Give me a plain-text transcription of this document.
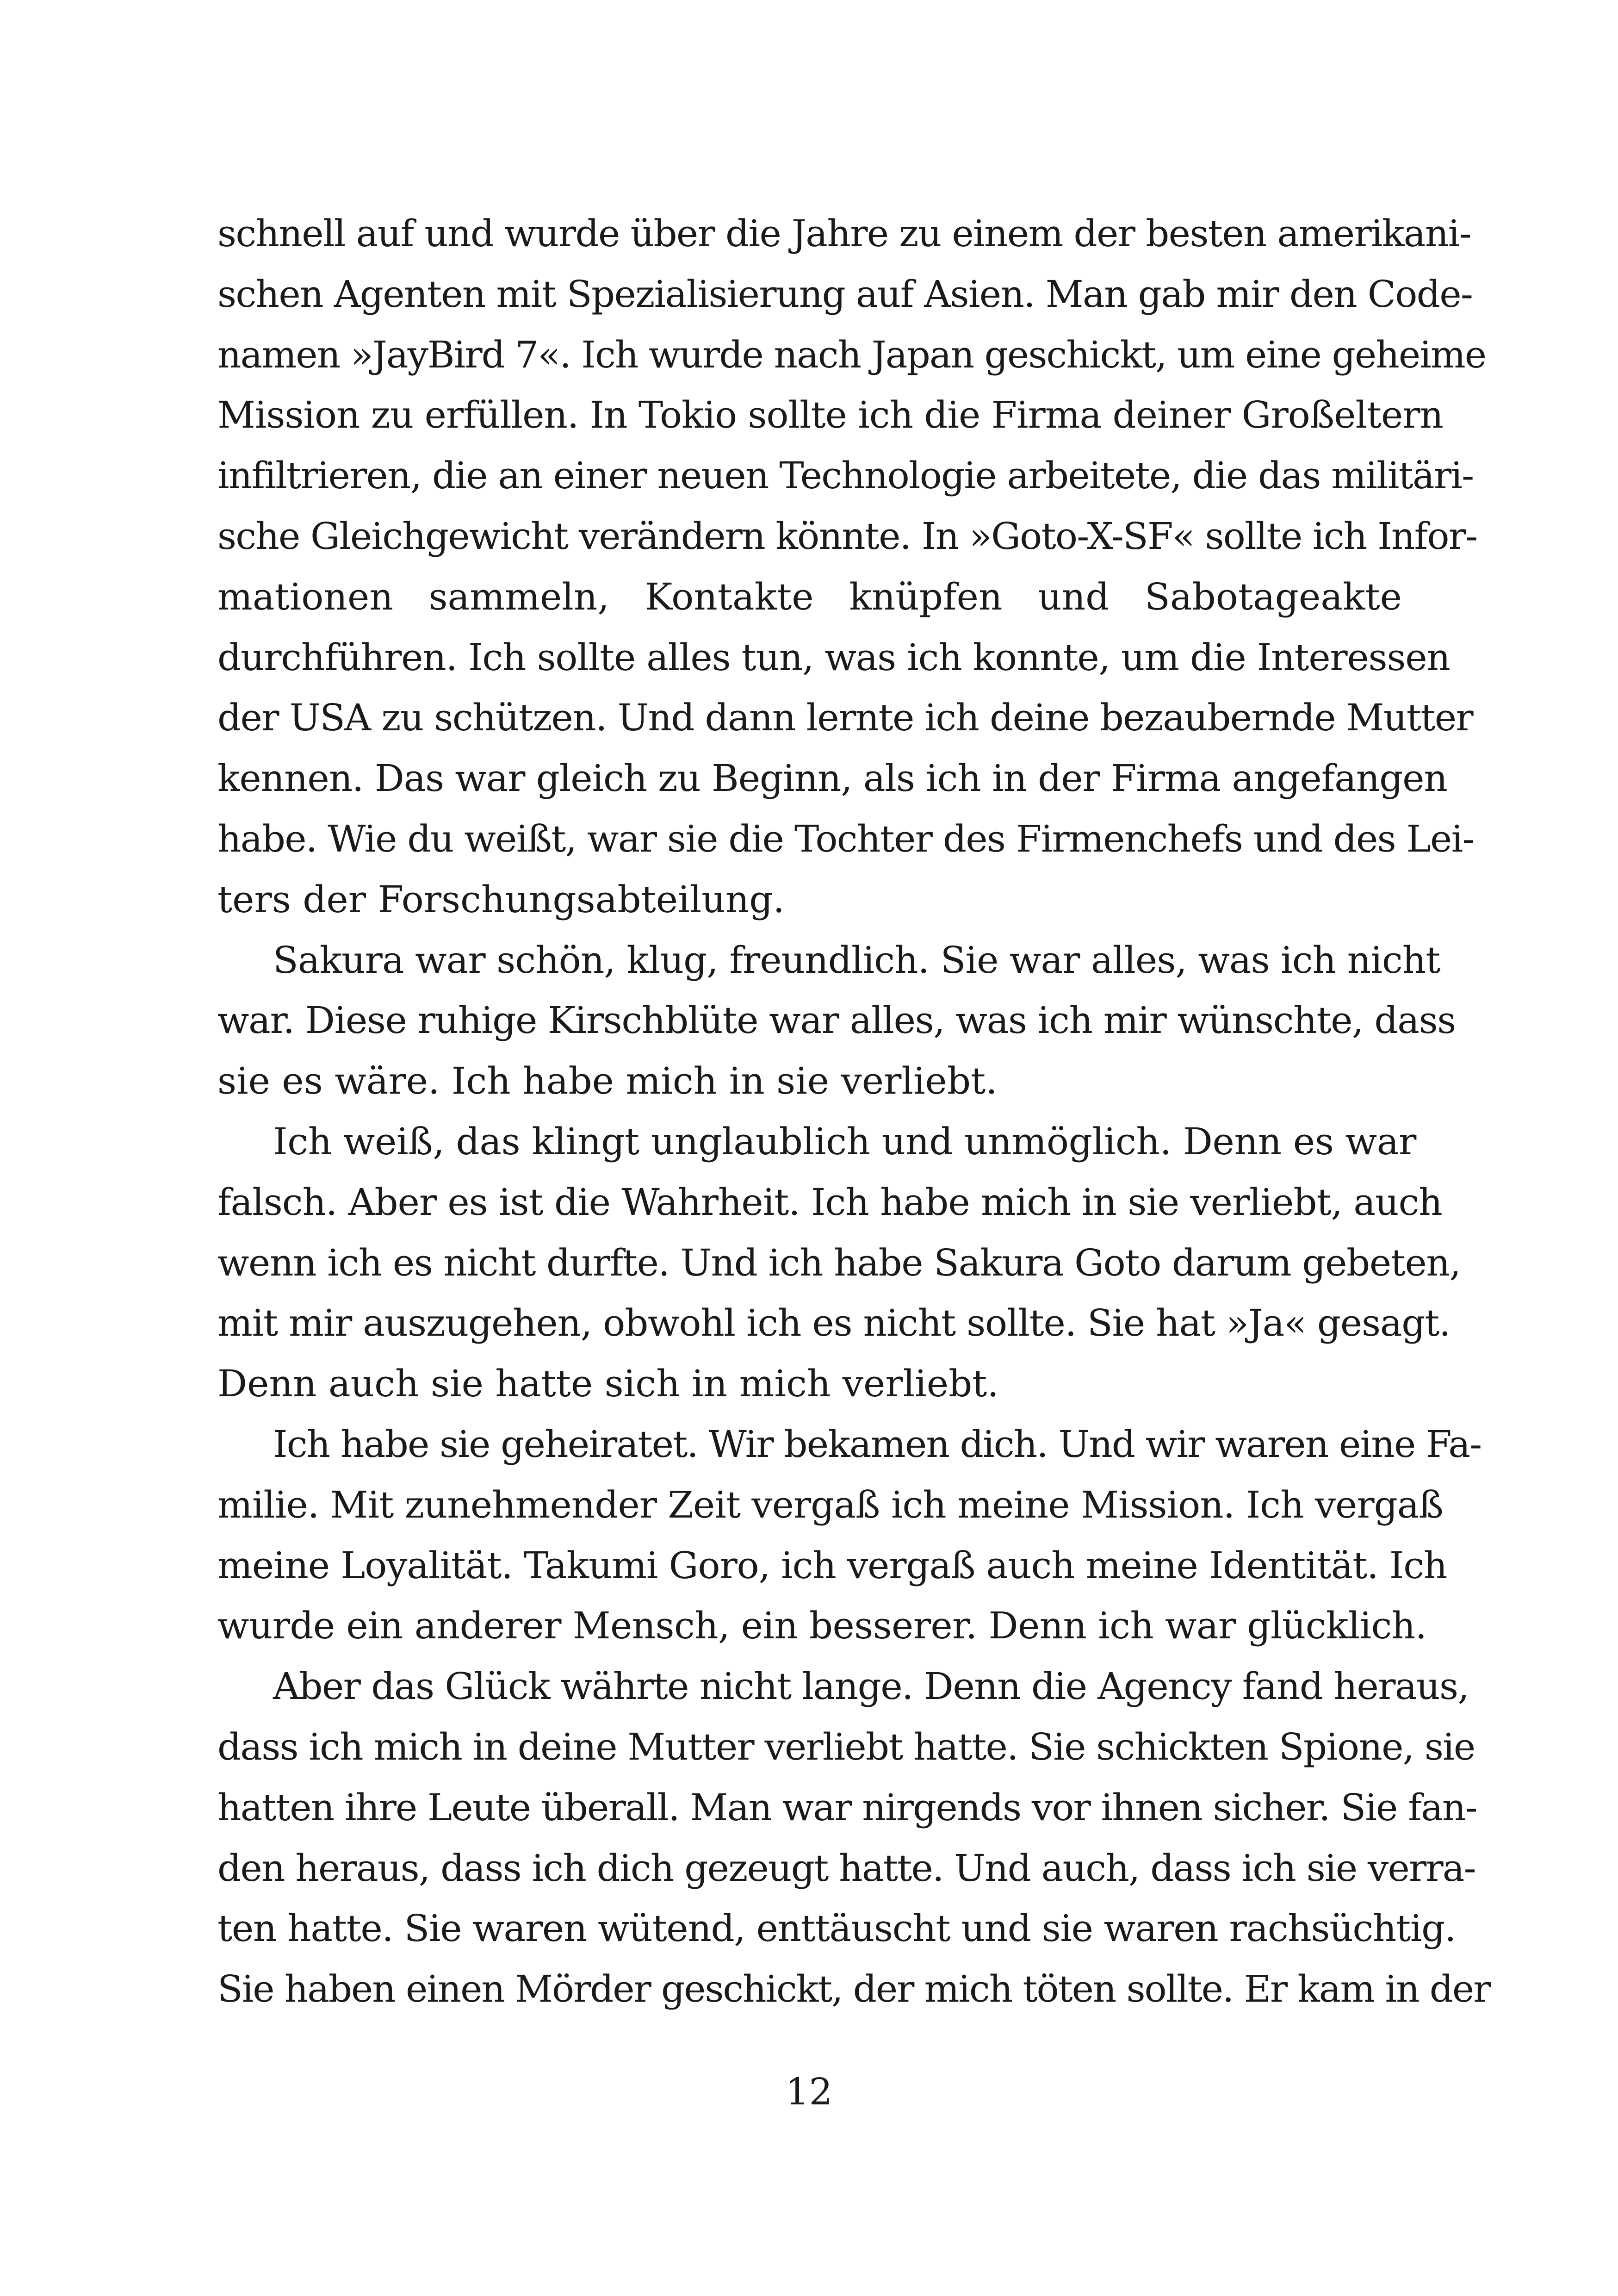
schnell auf und wurde über die Jahre zu einem der besten amerikani-
schen Agenten mit Spezialisierung auf Asien. Man gab mir den Code-
namen »JayBird 7«. Ich wurde nach Japan geschickt, um eine geheime
Mission zu erfüllen. In Tokio sollte ich die Firma deiner Großeltern
infiltrieren, die an einer neuen Technologie arbeitete, die das militäri-
sche Gleichgewicht verändern könnte. In »Goto-X-SF« sollte ich Infor-
mationen sammeln, Kontakte knüpfen und Sabotageakte
durchführen. Ich sollte alles tun, was ich konnte, um die Interessen
der USA zu schützen. Und dann lernte ich deine bezaubernde Mutter
kennen. Das war gleich zu Beginn, als ich in der Firma angefangen
habe. Wie du weißt, war sie die Tochter des Firmenchefs und des Lei-
ters der Forschungsabteilung.

Sakura war schön, klug, freundlich. Sie war alles, was ich nicht
war. Diese ruhige Kirschblüte war alles, was ich mir wünschte, dass
sie es wäre. Ich habe mich in sie verliebt.

Ich weiß, das klingt unglaublich und unmöglich. Denn es war
falsch. Aber es ist die Wahrheit. Ich habe mich in sie verliebt, auch
wenn ich es nicht durfte. Und ich habe Sakura Goto darum gebeten,
mit mir auszugehen, obwohl ich es nicht sollte. Sie hat »Ja« gesagt.
Denn auch sie hatte sich in mich verliebt.

Ich habe sie geheiratet. Wir bekamen dich. Und wir waren eine Fa-
milie. Mit zunehmender Zeit vergaß ich meine Mission. Ich vergaß
meine Loyalität. Takumi Goro, ich vergaß auch meine Identität. Ich
wurde ein anderer Mensch, ein besserer. Denn ich war glücklich.

Aber das Glück währte nicht lange. Denn die Agency fand heraus,
dass ich mich in deine Mutter verliebt hatte. Sie schickten Spione, sie
hatten ihre Leute überall. Man war nirgends vor ihnen sicher. Sie fan-
den heraus, dass ich dich gezeugt hatte. Und auch, dass ich sie verra-
ten hatte. Sie waren wütend, enttäuscht und sie waren rachsüchtig.
Sie haben einen Mörder geschickt, der mich töten sollte. Er kam in der

12
